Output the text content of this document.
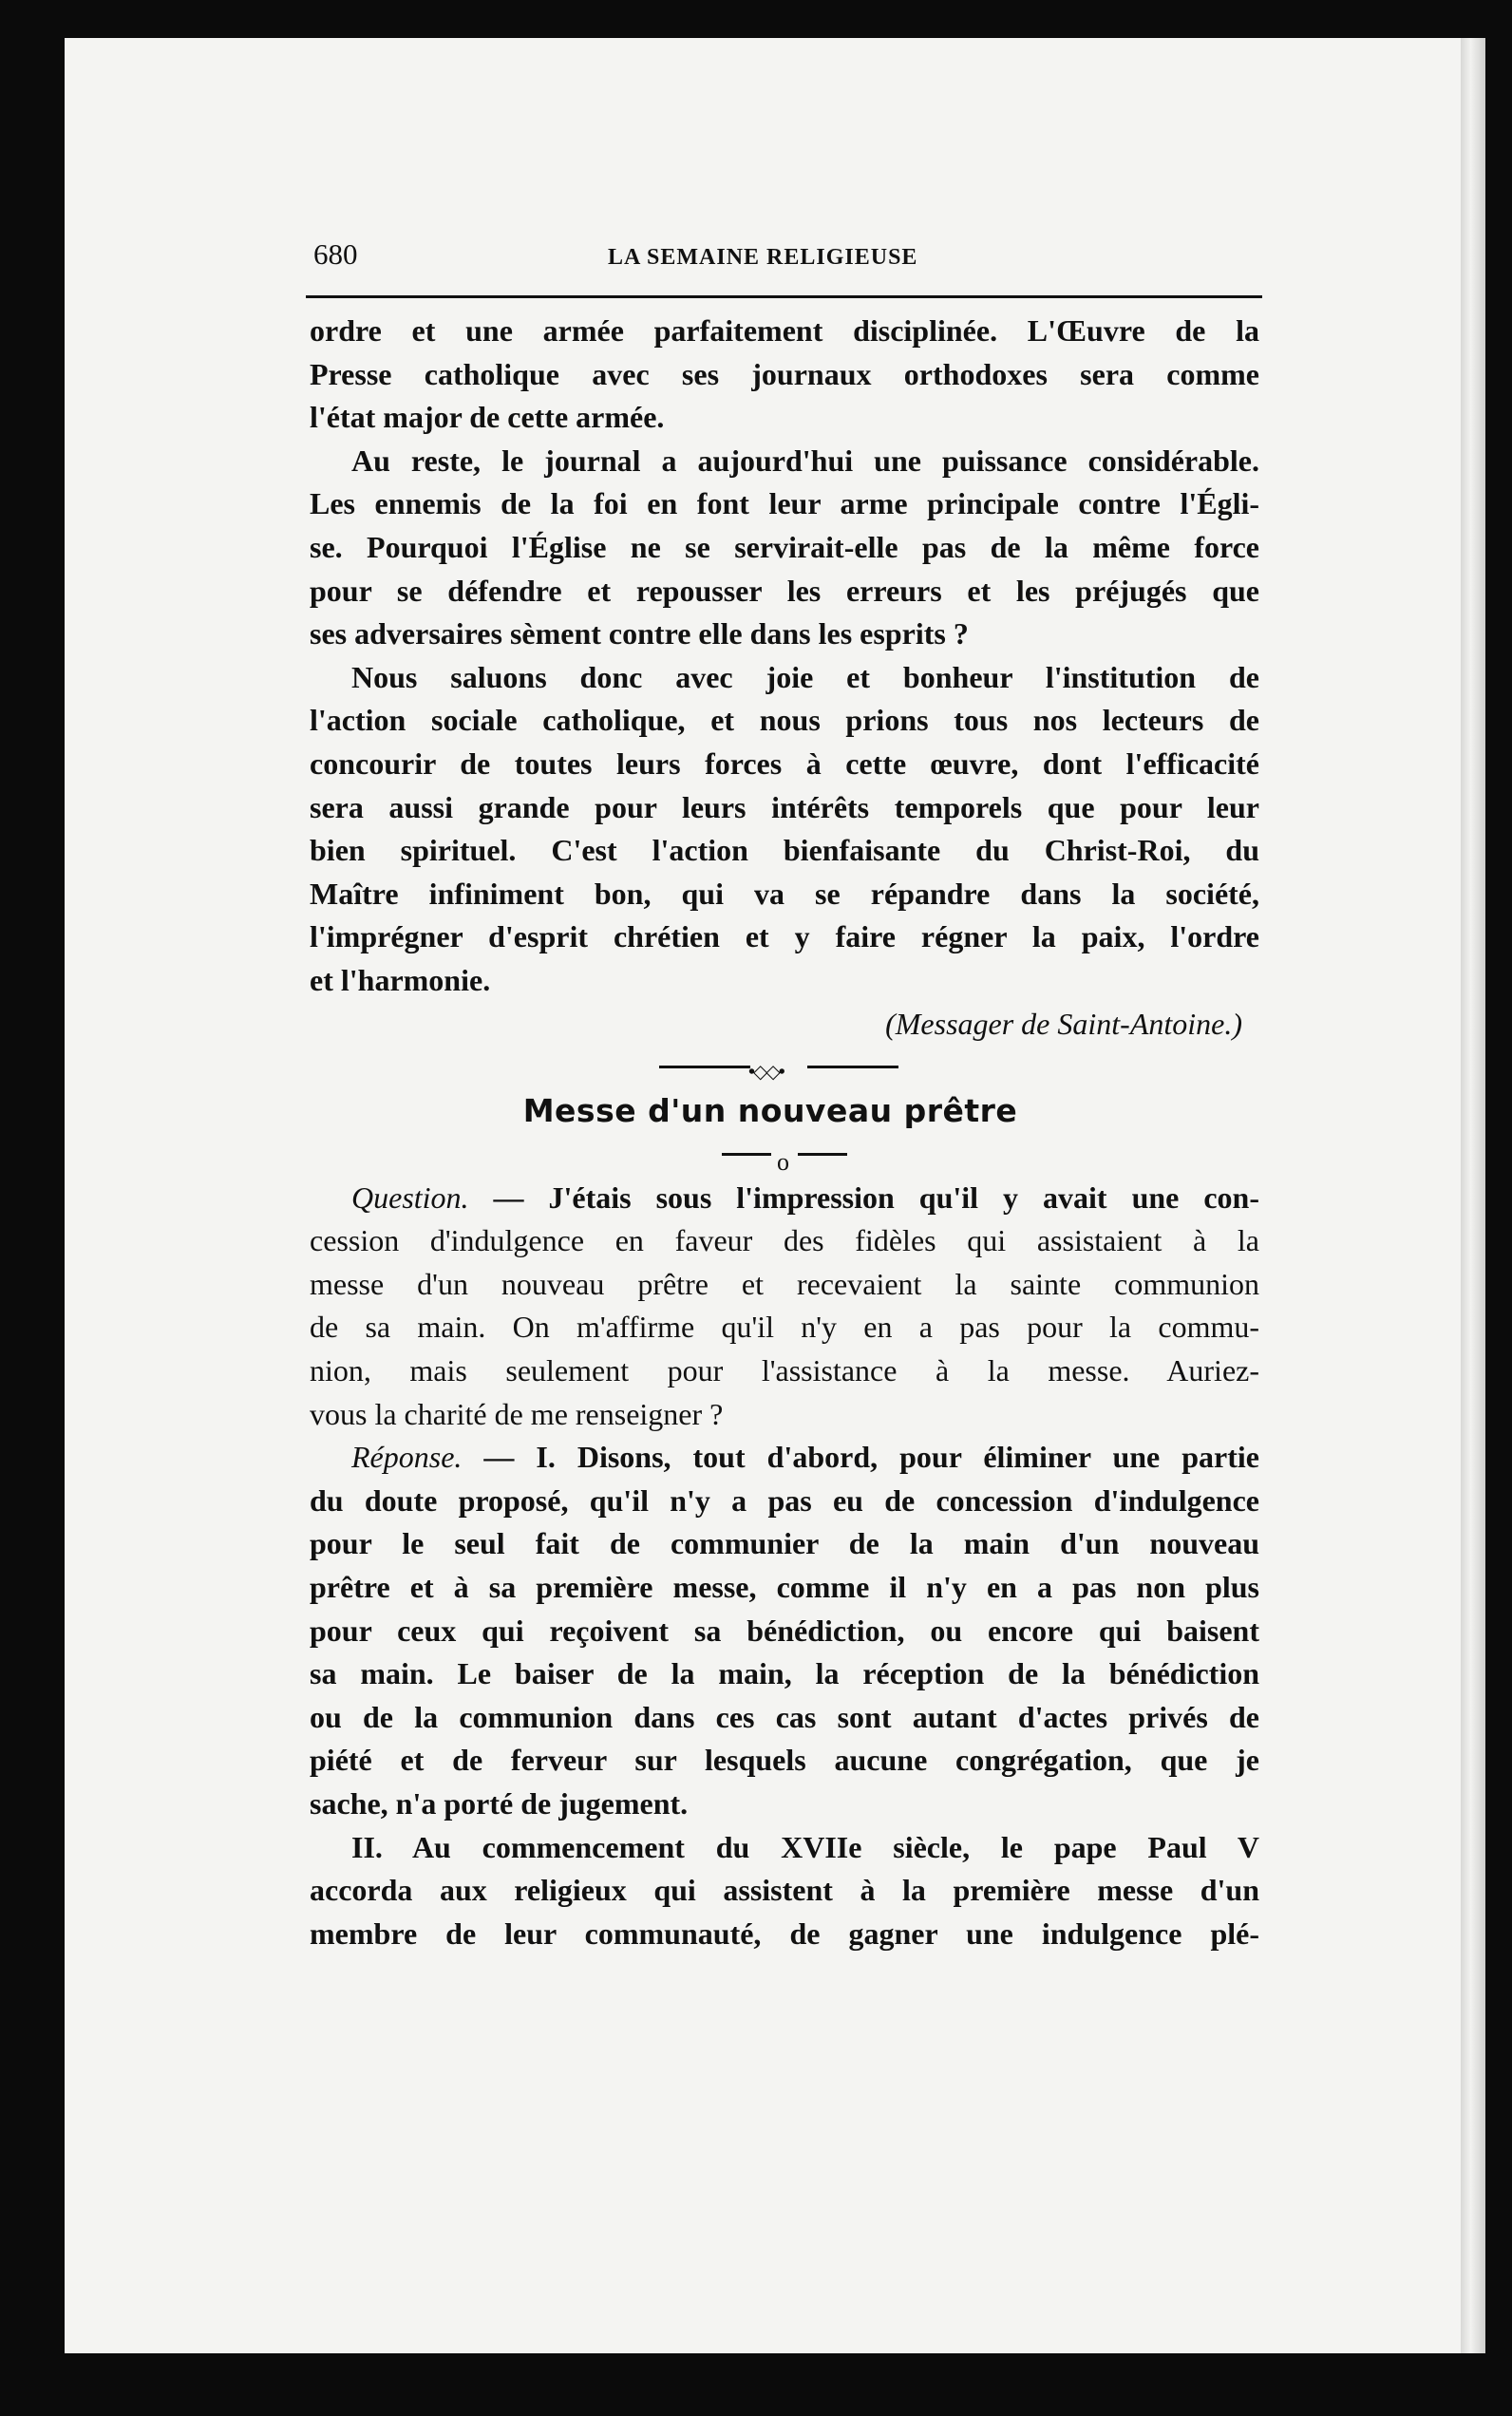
680	LA SEMAINE RELIGIEUSE
ordre et une armée parfaitement disciplinée. L'Œuvre de la
Presse catholique avec ses journaux orthodoxes sera comme
l'état major de cette armée.
Au reste, le journal a aujourd'hui une puissance considérable.
Les ennemis de la foi en font leur arme principale contre l'Égli-
se. Pourquoi l'Église ne se servirait-elle pas de la même force
pour se défendre et repousser les erreurs et les préjugés que
ses adversaires sèment contre elle dans les esprits ?
Nous saluons donc avec joie et bonheur l'institution de
l'action sociale catholique, et nous prions tous nos lecteurs de
concourir de toutes leurs forces à cette œuvre, dont l'efficacité
sera aussi grande pour leurs intérêts temporels que pour leur
bien spirituel. C'est l'action bienfaisante du Christ-Roi, du
Maître infiniment bon, qui va se répandre dans la société,
l'imprégner d'esprit chrétien et y faire régner la paix, l'ordre
et l'harmonie.
(Messager de Saint-Antoine.)
•◇◇•
Messe d'un nouveau prêtre
o
Question. — J'étais sous l'impression qu'il y avait une con-
cession d'indulgence en faveur des fidèles qui assistaient à la
messe d'un nouveau prêtre et recevaient la sainte communion
de sa main. On m'affirme qu'il n'y en a pas pour la commu-
nion, mais seulement pour l'assistance à la messe. Auriez-
vous la charité de me renseigner ?
Réponse. — I. Disons, tout d'abord, pour éliminer une partie
du doute proposé, qu'il n'y a pas eu de concession d'indulgence
pour le seul fait de communier de la main d'un nouveau
prêtre et à sa première messe, comme il n'y en a pas non plus
pour ceux qui reçoivent sa bénédiction, ou encore qui baisent
sa main. Le baiser de la main, la réception de la bénédiction
ou de la communion dans ces cas sont autant d'actes privés de
piété et de ferveur sur lesquels aucune congrégation, que je
sache, n'a porté de jugement.
II. Au commencement du XVIIe siècle, le pape Paul V
accorda aux religieux qui assistent à la première messe d'un
membre de leur communauté, de gagner une indulgence plé-
